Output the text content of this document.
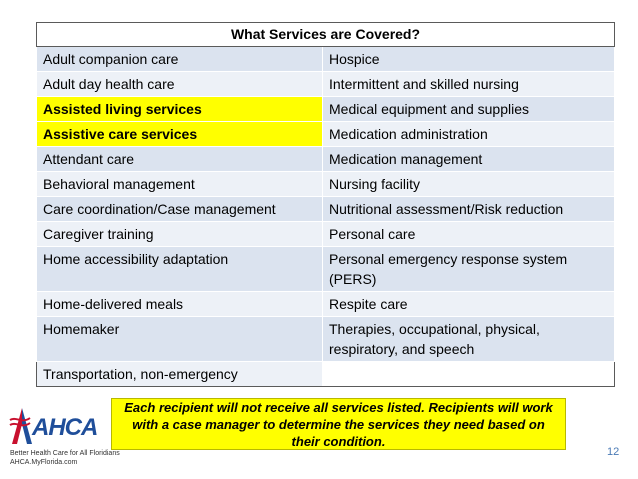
What Services are Covered?	
Adult companion care	Hospice
Adult day health care	Intermittent and skilled nursing
Assisted living services	Medical equipment and supplies
Assistive care services	Medication administration
Attendant care	Medication management
Behavioral management	Nursing facility
Care coordination/Case management	Nutritional assessment/Risk reduction
Caregiver training	Personal care
Home accessibility adaptation	Personal emergency response system (PERS)
Home-delivered meals	Respite care
Homemaker	Therapies, occupational, physical, respiratory, and speech
Transportation, non-emergency	
AHCA
Better Health Care for All Floridians
AHCA.MyFlorida.com
Each recipient will not receive all services listed. Recipients will work with a case manager to determine the services they need based on their condition.
12
